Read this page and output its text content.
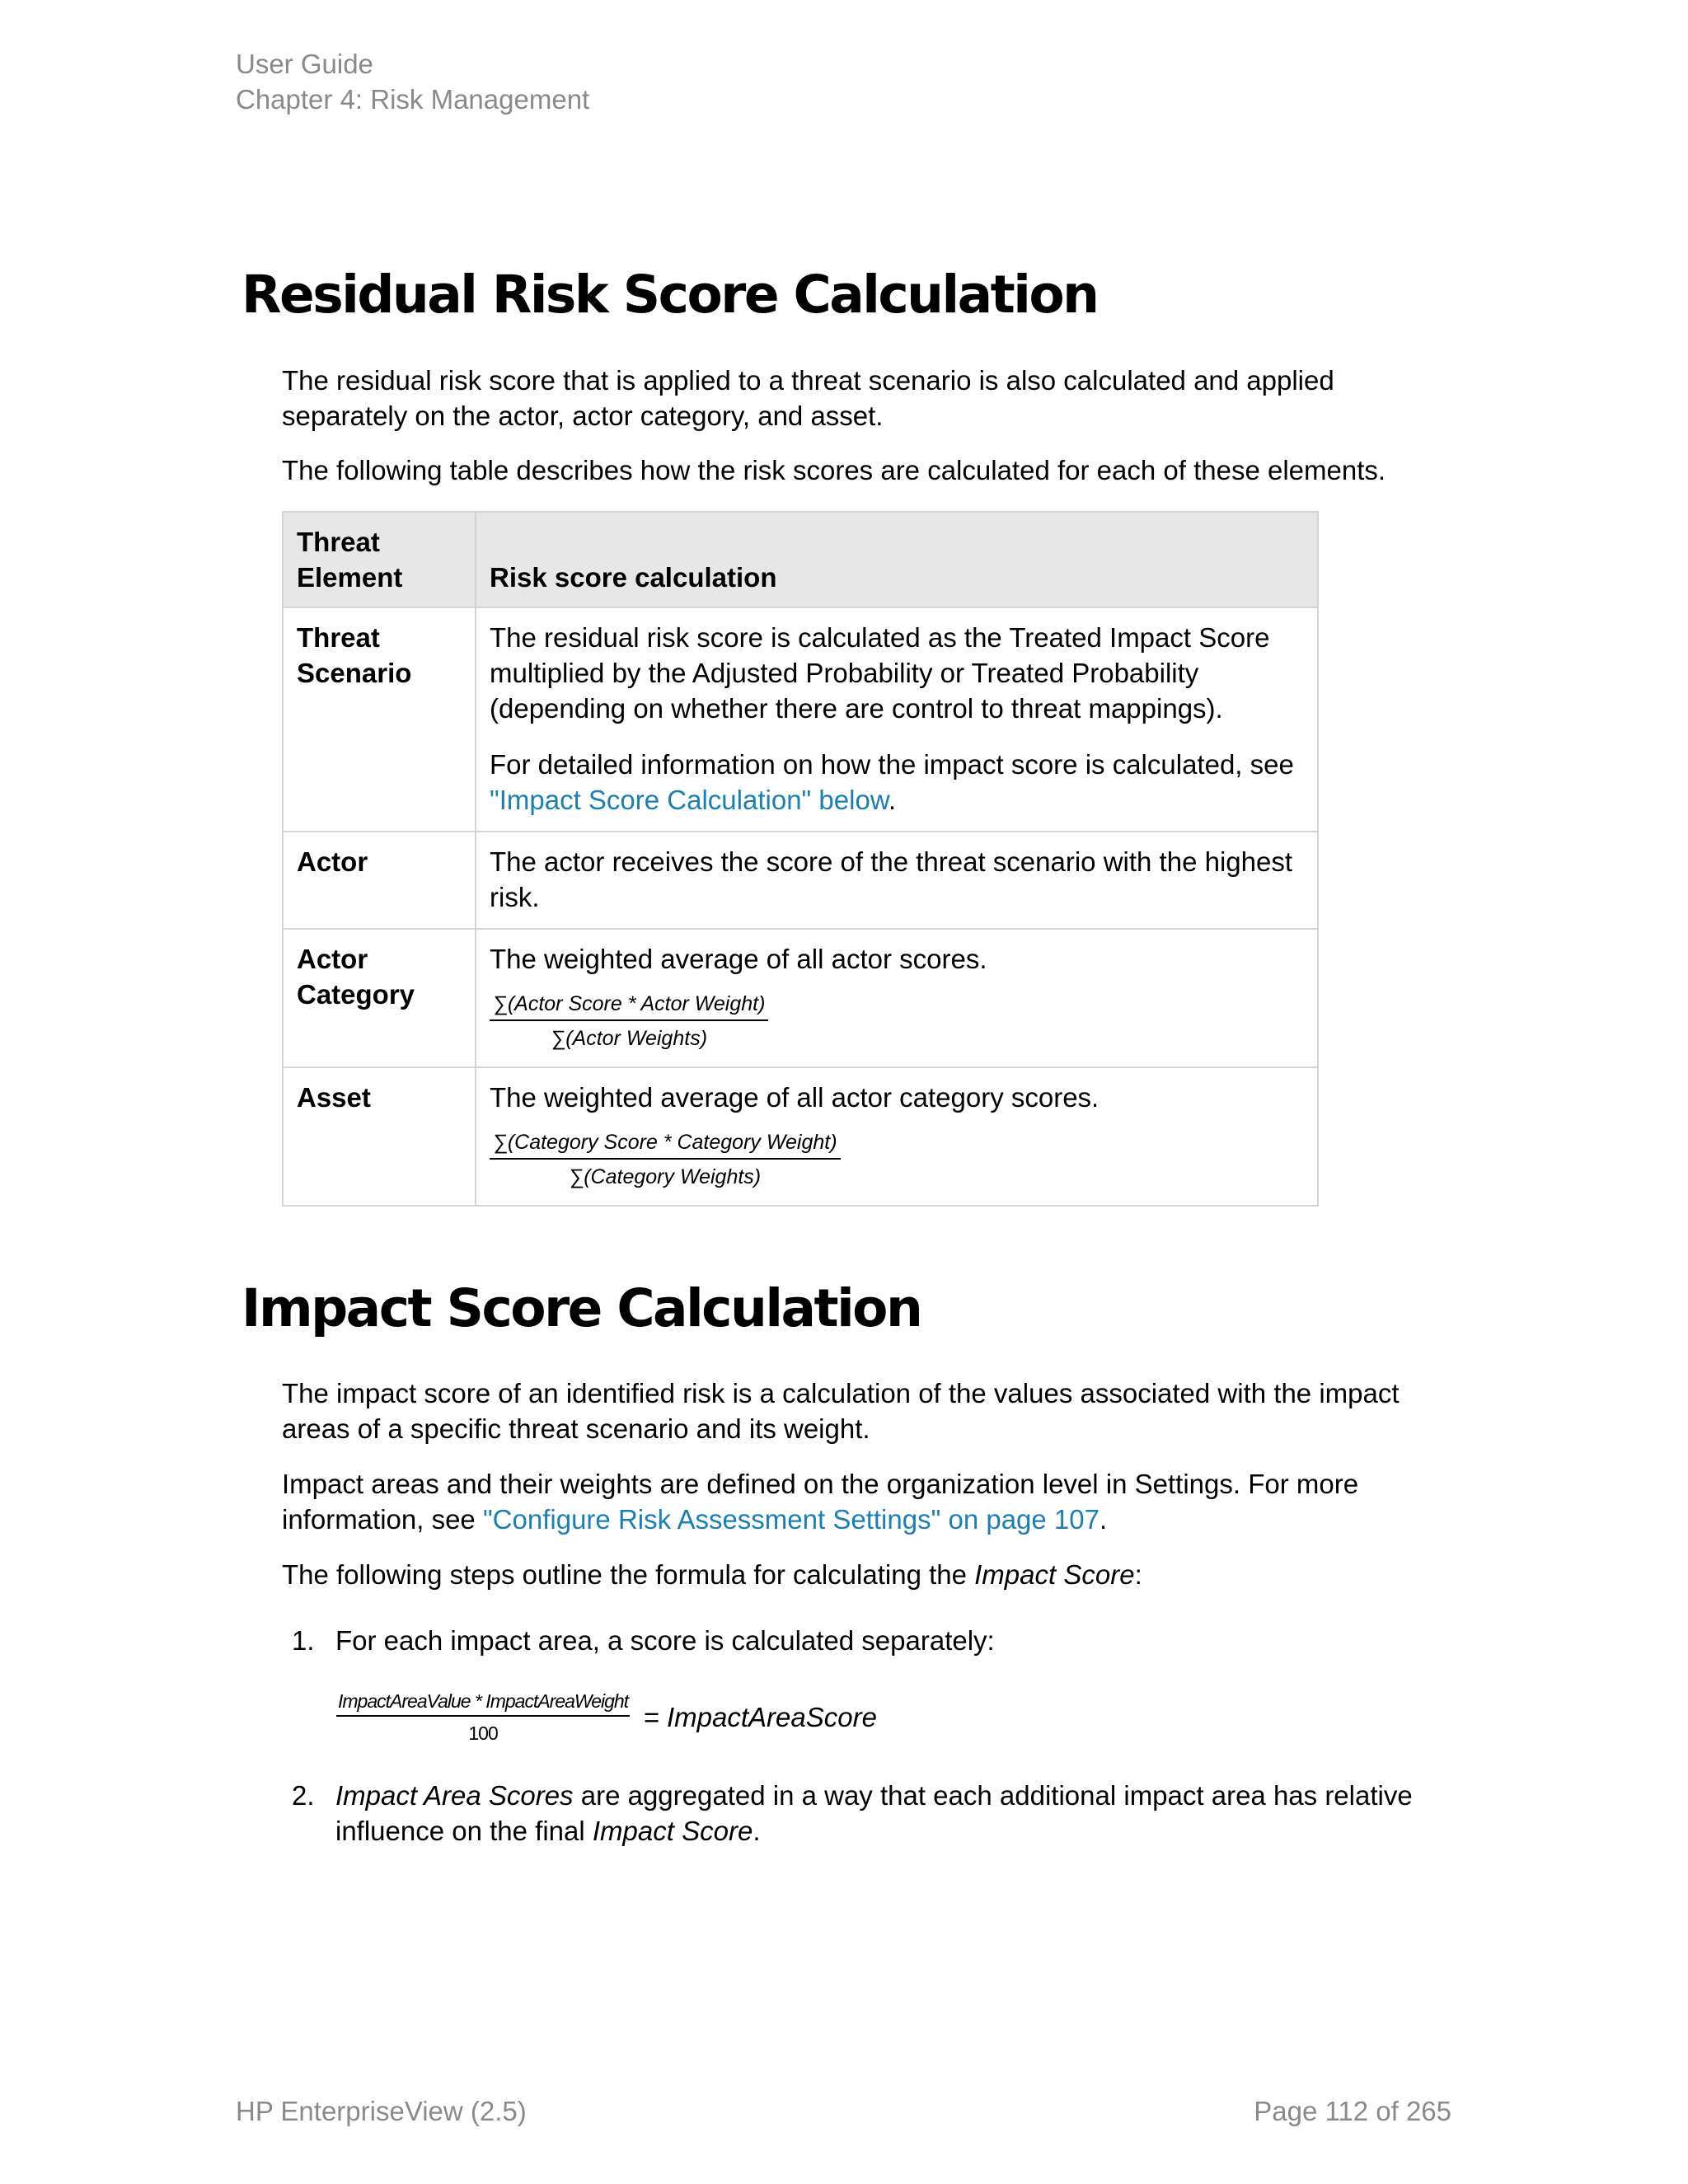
User Guide
Chapter 4: Risk Management
Residual Risk Score Calculation

The residual risk score that is applied to a threat scenario is also calculated and applied separately on the actor, actor category, and asset.

The following table describes how the risk scores are calculated for each of these elements.

Threat Element	Risk score calculation
Threat Scenario	The residual risk score is calculated as the Treated Impact Score multiplied by the Adjusted Probability or Treated Probability (depending on whether there are control to threat mappings).

For detailed information on how the impact score is calculated, see "Impact Score Calculation" below.

Actor	The actor receives the score of the threat scenario with the highest risk.

Actor Category	The weighted average of all actor scores.

$\frac{\text{∑(Actor Score * Actor Weight)}}{\text{∑(Actor Weights)}}$

Asset	The weighted average of all actor category scores.

$\frac{\text{∑(Category Score * Category Weight)}}{\text{∑(Category Weights)}}$
Impact Score Calculation

The impact score of an identified risk is a calculation of the values associated with the impact areas of a specific threat scenario and its weight.

Impact areas and their weights are defined on the organization level in Settings. For more information, see "Configure Risk Assessment Settings" on page 107.

The following steps outline the formula for calculating the Impact Score:

1. For each impact area, a score is calculated separately:
$\frac{\text{ImpactAreaValue * ImpactAreaWeight}}{100}$ = ImpactAreaScore
2. Impact Area Scores are aggregated in a way that each additional impact area has relative influence on the final Impact Score.
HP EnterpriseView (2.5)	Page 112 of 265
